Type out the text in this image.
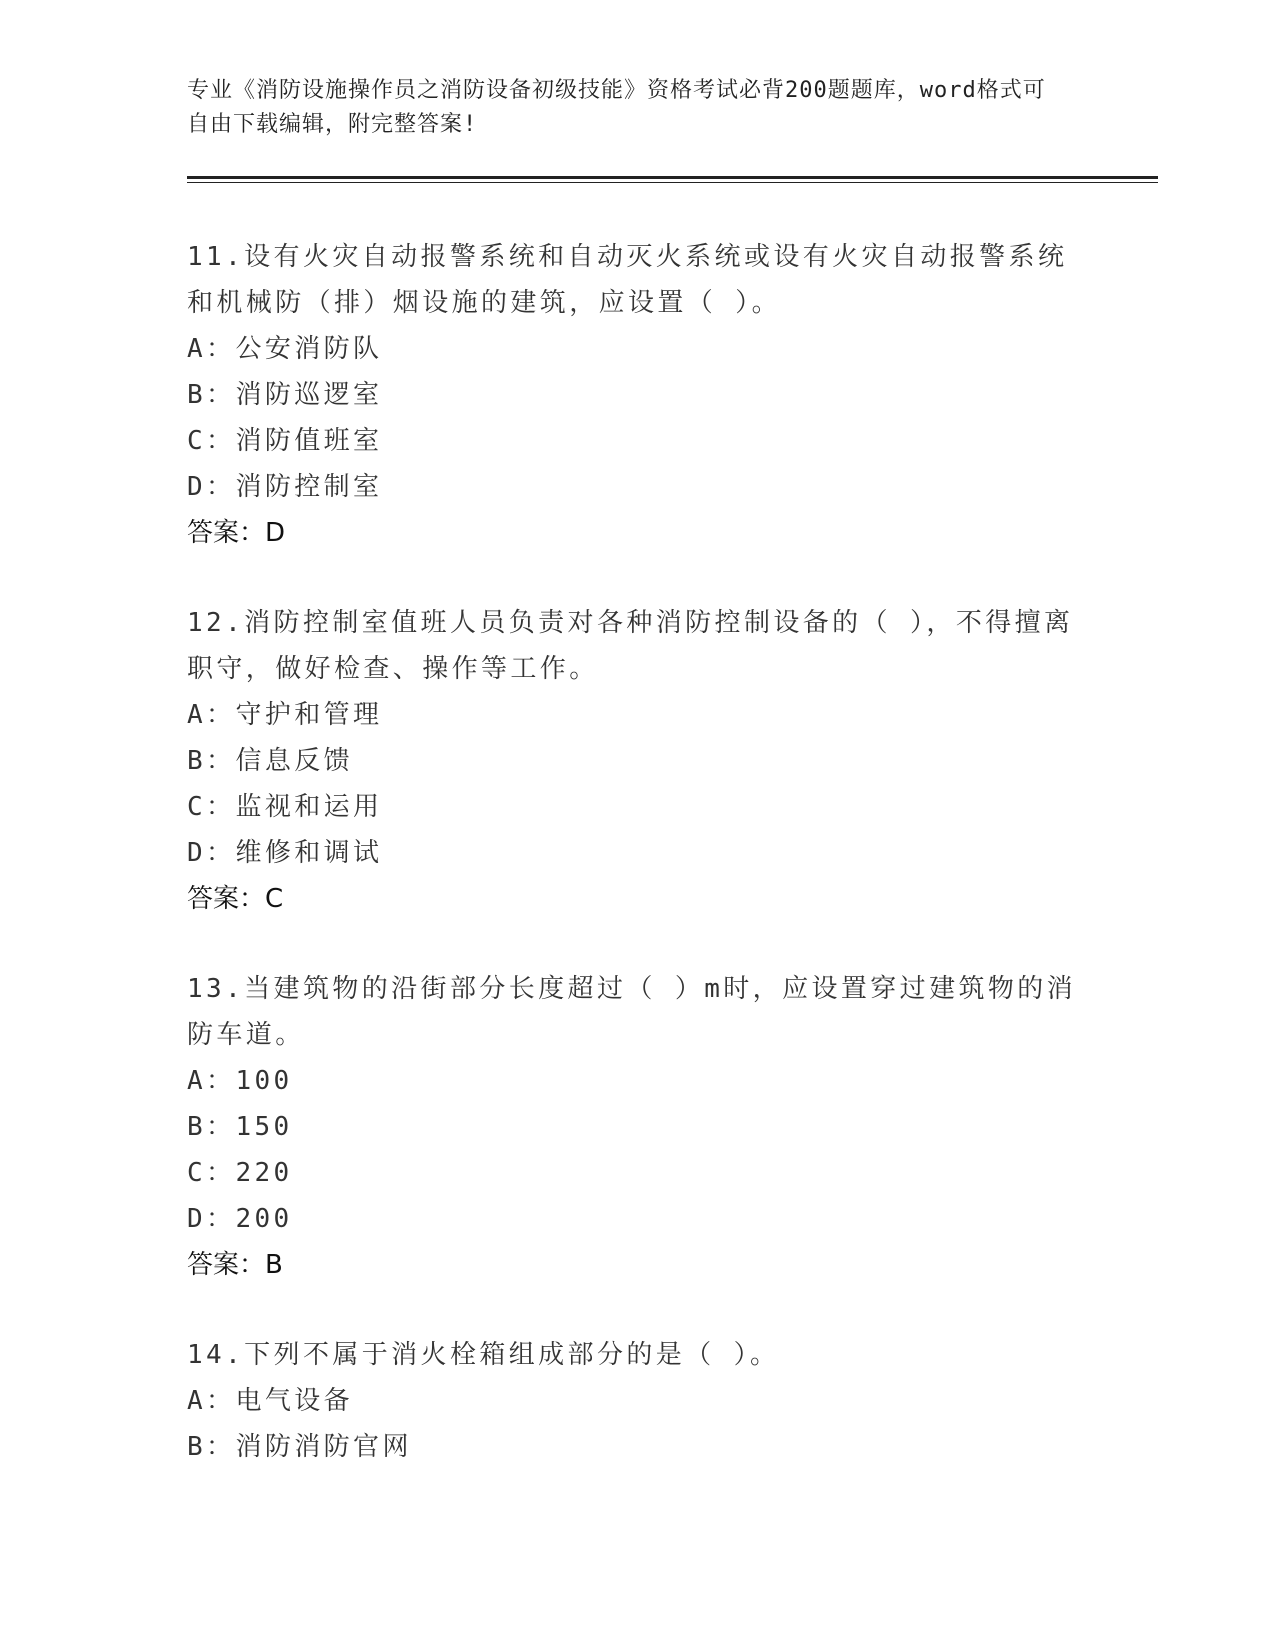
专业《消防设施操作员之消防设备初级技能》资格考试必背200题题库，word格式可自由下载编辑，附完整答案!

11.设有火灾自动报警系统和自动灭火系统或设有火灾自动报警系统和机械防（排）烟设施的建筑，应设置（ ）。

A：公安消防队

B：消防巡逻室

C：消防值班室

D：消防控制室

答案：D

12.消防控制室值班人员负责对各种消防控制设备的（ ），不得擅离职守，做好检查、操作等工作。

A：守护和管理

B：信息反馈

C：监视和运用

D：维修和调试

答案：C

13.当建筑物的沿街部分长度超过（ ）m时，应设置穿过建筑物的消防车道。

A：100

B：150

C：220

D：200

答案：B

14.下列不属于消火栓箱组成部分的是（ ）。

A：电气设备

B：消防消防官网
